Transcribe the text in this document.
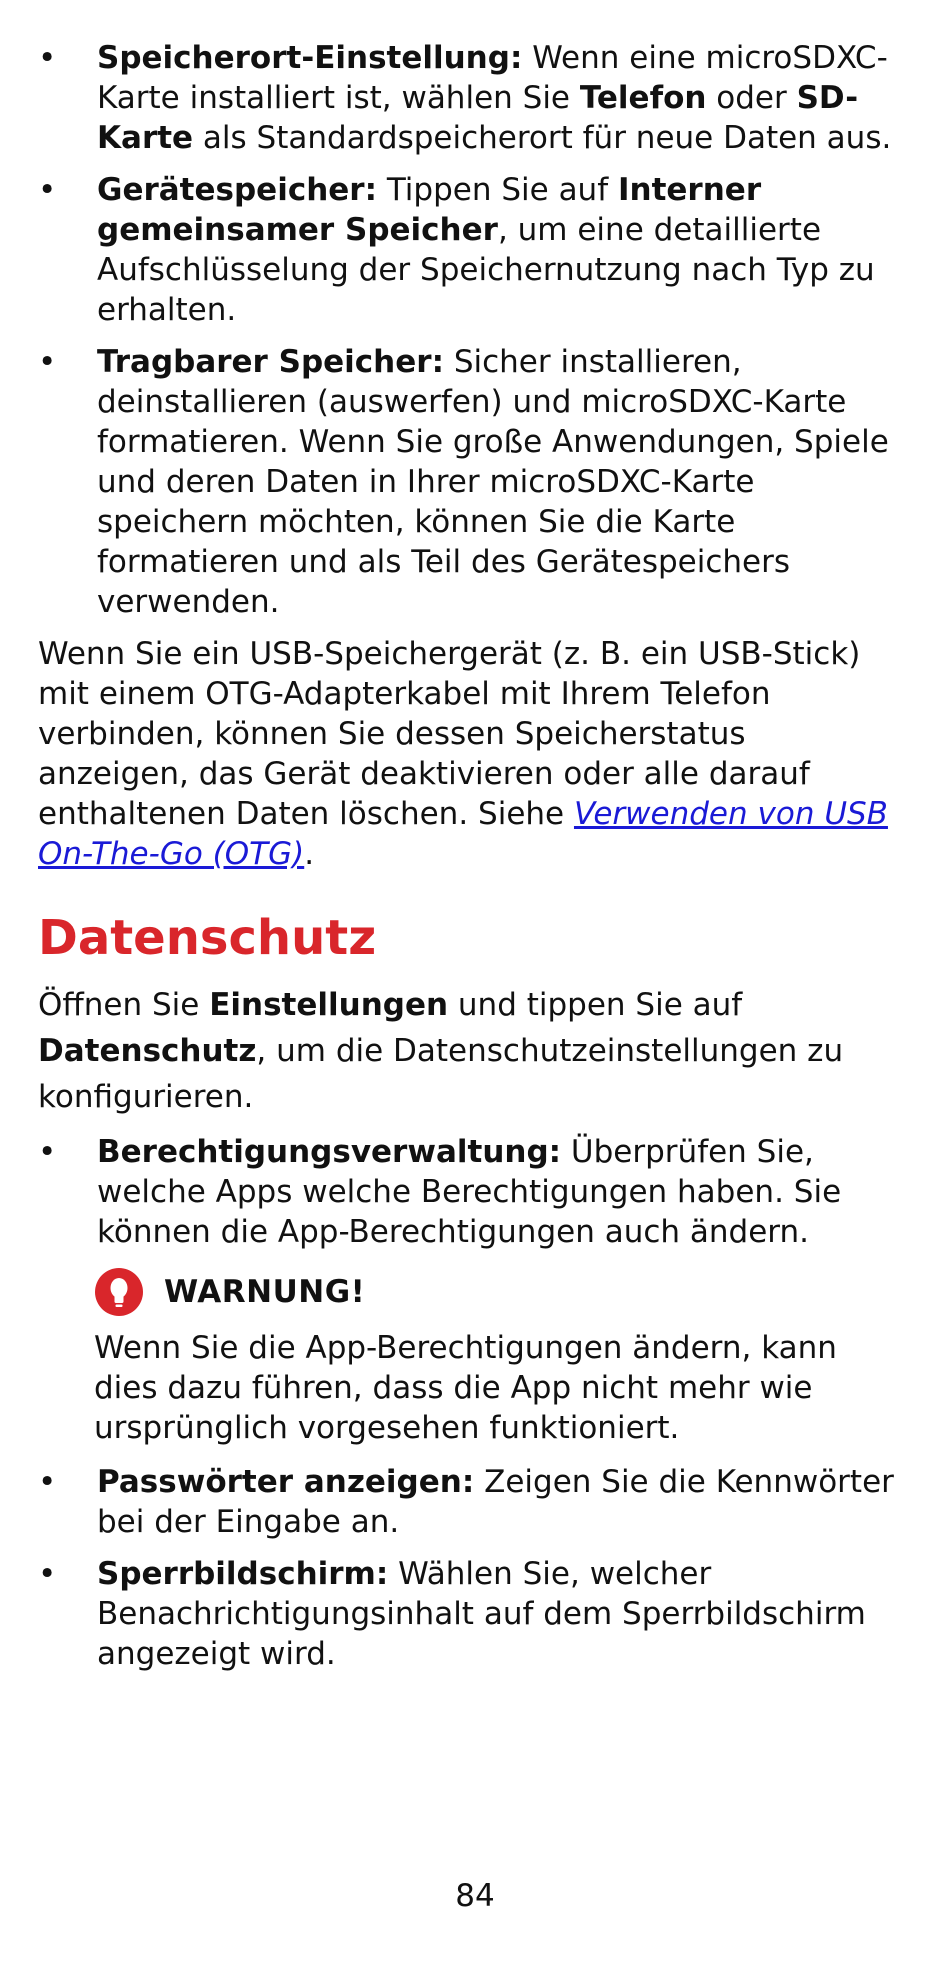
• Speicherort-Einstellung: Wenn eine microSDXC-Karte installiert ist, wählen Sie Telefon oder SD-Karte als Standardspeicherort für neue Daten aus.
• Gerätespeicher: Tippen Sie auf Interner gemeinsamer Speicher, um eine detaillierte Aufschlüsselung der Speichernutzung nach Typ zu erhalten.
• Tragbarer Speicher: Sicher installieren, deinstallieren (auswerfen) und microSDXC-Karte formatieren. Wenn Sie große Anwendungen, Spiele und deren Daten in Ihrer microSDXC-Karte speichern möchten, können Sie die Karte formatieren und als Teil des Gerätespeichers verwenden.

Wenn Sie ein USB-Speichergerät (z. B. ein USB-Stick) mit einem OTG-Adapterkabel mit Ihrem Telefon verbinden, können Sie dessen Speicherstatus anzeigen, das Gerät deaktivieren oder alle darauf enthaltenen Daten löschen. Siehe Verwenden von USB On-The-Go (OTG).

Datenschutz

Öffnen Sie Einstellungen und tippen Sie auf Datenschutz, um die Datenschutzeinstellungen zu konfigurieren.

• Berechtigungsverwaltung: Überprüfen Sie, welche Apps welche Berechtigungen haben. Sie können die App-Berechtigungen auch ändern.
WARNUNG!
Wenn Sie die App-Berechtigungen ändern, kann dies dazu führen, dass die App nicht mehr wie ursprünglich vorgesehen funktioniert.
• Passwörter anzeigen: Zeigen Sie die Kennwörter bei der Eingabe an.
• Sperrbildschirm: Wählen Sie, welcher Benachrichtigungsinhalt auf dem Sperrbildschirm angezeigt wird.
84
